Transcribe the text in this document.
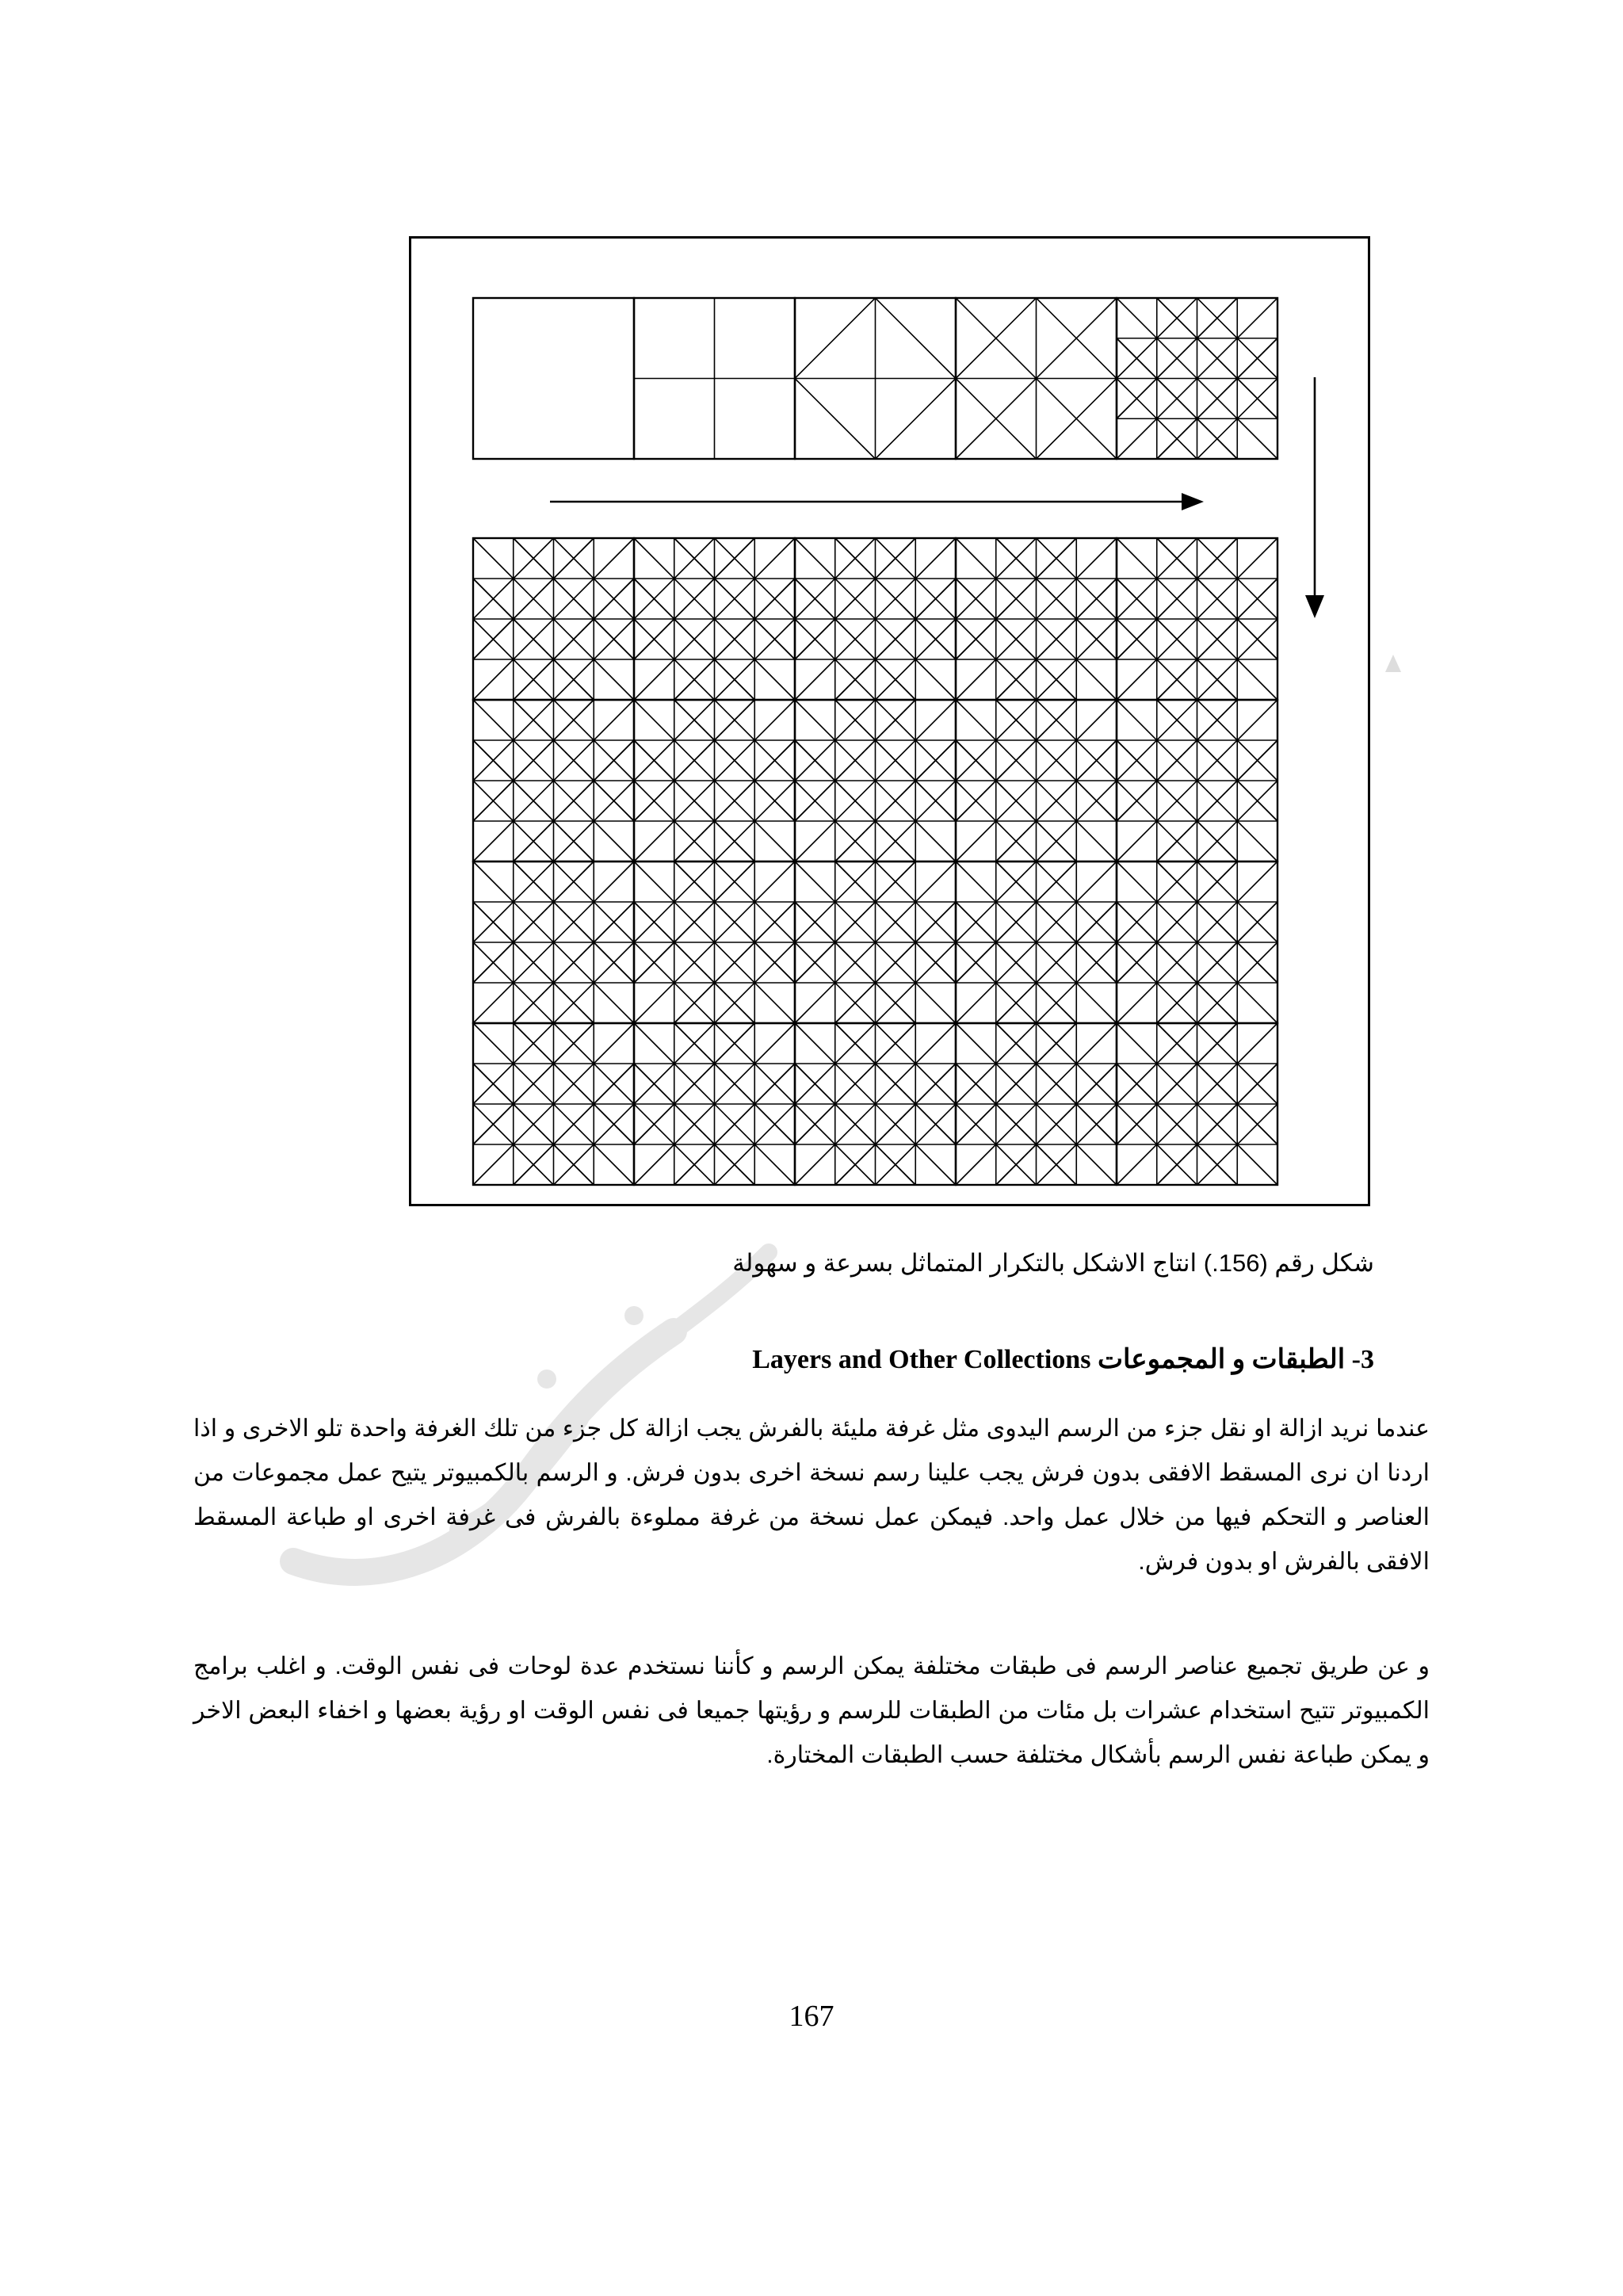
شكل رقم (156.) انتاج الاشكل بالتكرار المتماثل بسرعة و سهولة
3- الطبقات و المجموعات Layers and Other Collections

عندما نريد ازالة او نقل جزء من الرسم اليدوى مثل غرفة مليئة بالفرش يجب ازالة كل جزء من تلك الغرفة واحدة تلو الاخرى و اذا اردنا ان نرى المسقط الافقى بدون فرش يجب علينا رسم نسخة اخرى بدون فرش. و الرسم بالكمبيوتر يتيح عمل مجموعات من العناصر و التحكم فيها من خلال عمل واحد. فيمكن عمل نسخة من غرفة مملوءة بالفرش فى غرفة اخرى او طباعة المسقط الافقى بالفرش او بدون فرش.

و عن طريق تجميع عناصر الرسم فى طبقات مختلفة يمكن الرسم و كأننا نستخدم عدة لوحات فى نفس الوقت. و اغلب برامج الكمبيوتر تتيح استخدام عشرات بل مئات من الطبقات للرسم و رؤيتها جميعا فى نفس الوقت او رؤية بعضها و اخفاء البعض الاخر و يمكن طباعة نفس الرسم بأشكال مختلفة حسب الطبقات المختارة.

167
